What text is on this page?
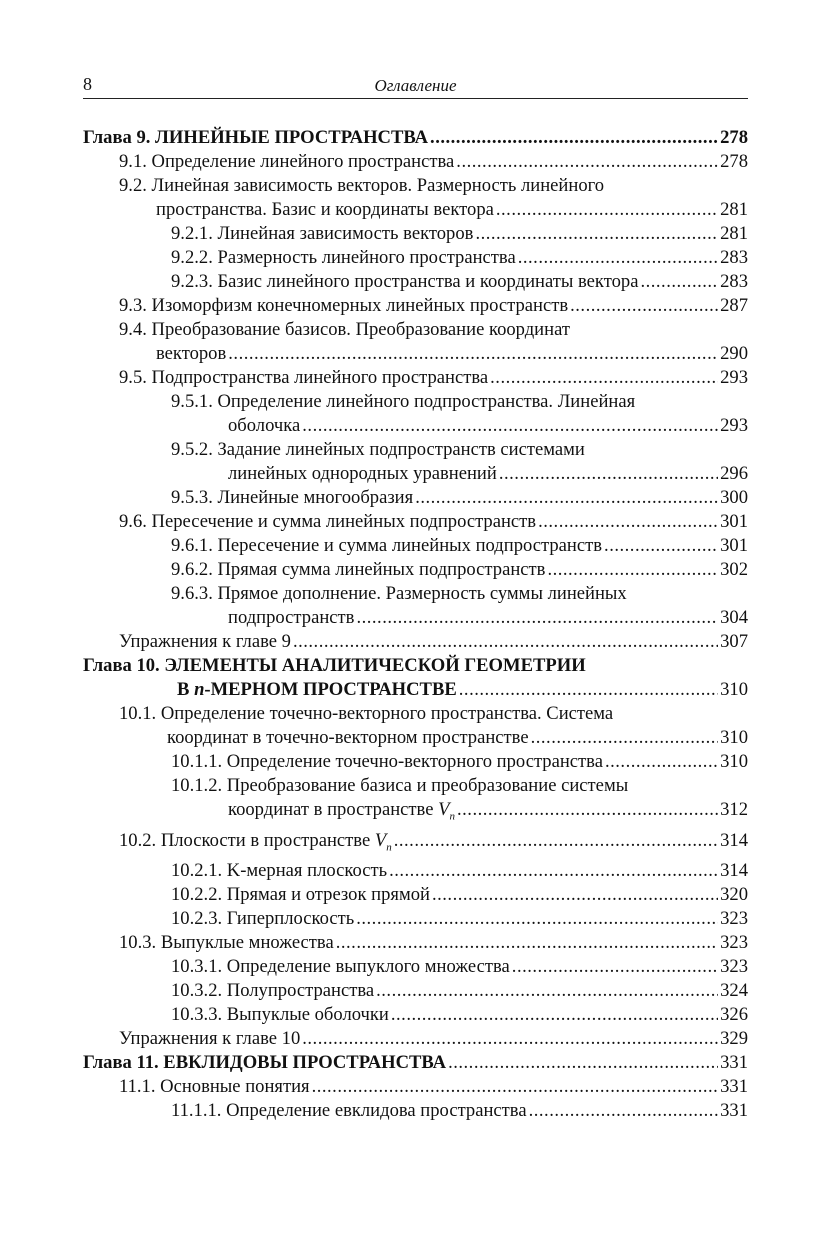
8	Оглавление
Глава 9. ЛИНЕЙНЫЕ ПРОСТРАНСТВА .....	278
9.1. Определение линейного пространства .....	278
9.2. Линейная зависимость векторов. Размерность линейного
пространства. Базис и координаты вектора .....	281
9.2.1. Линейная зависимость векторов .....	281
9.2.2. Размерность линейного пространства .....	283
9.2.3. Базис линейного пространства и координаты вектора .....	283
9.3. Изоморфизм конечномерных линейных пространств .....	287
9.4. Преобразование базисов. Преобразование координат
векторов .....	290
9.5. Подпространства линейного пространства .....	293
9.5.1. Определение линейного подпространства. Линейная
оболочка .....	293
9.5.2. Задание линейных подпространств системами
линейных однородных уравнений .....	296
9.5.3. Линейные многообразия .....	300
9.6. Пересечение и сумма линейных подпространств .....	301
9.6.1. Пересечение и сумма линейных подпространств .....	301
9.6.2. Прямая сумма линейных подпространств .....	302
9.6.3. Прямое дополнение. Размерность суммы линейных
подпространств .....	304
Упражнения к главе 9 .....	307
Глава 10. ЭЛЕМЕНТЫ АНАЛИТИЧЕСКОЙ ГЕОМЕТРИИ
В n-МЕРНОМ ПРОСТРАНСТВЕ .....	310
10.1. Определение точечно-векторного пространства. Система
координат в точечно-векторном пространстве .....	310
10.1.1. Определение точечно-векторного пространства .....	310
10.1.2. Преобразование базиса и преобразование системы
координат в пространстве $V_n$ .....	312
10.2. Плоскости в пространстве $V_n$ .....	314
10.2.1. K-мерная плоскость .....	314
10.2.2. Прямая и отрезок прямой .....	320
10.2.3. Гиперплоскость .....	323
10.3. Выпуклые множества .....	323
10.3.1. Определение выпуклого множества .....	323
10.3.2. Полупространства .....	324
10.3.3. Выпуклые оболочки .....	326
Упражнения к главе 10 .....	329
Глава 11. ЕВКЛИДОВЫ ПРОСТРАНСТВА .....	331
11.1. Основные понятия .....	331
11.1.1. Определение евклидова пространства .....	331
